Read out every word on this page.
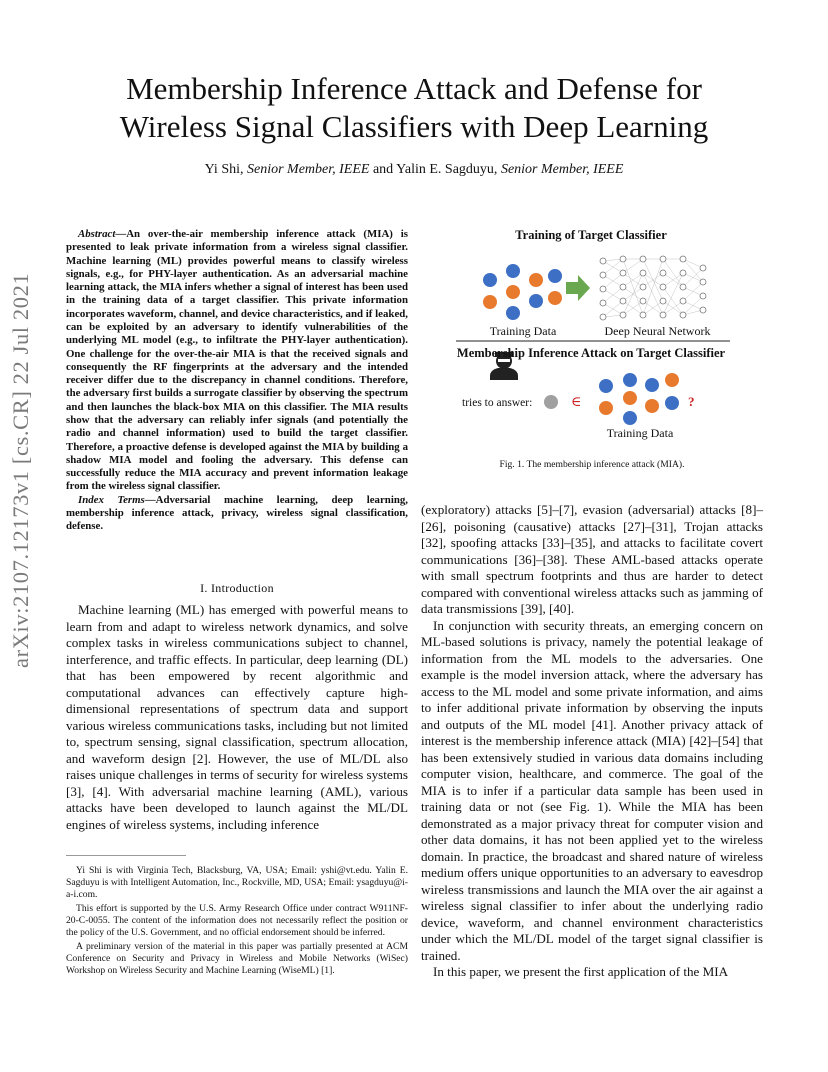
arXiv:2107.12173v1 [cs.CR] 22 Jul 2021
Membership Inference Attack and Defense for
Wireless Signal Classifiers with Deep Learning
Yi Shi, Senior Member, IEEE and Yalin E. Sagduyu, Senior Member, IEEE
Abstract—An over-the-air membership inference attack (MIA) is presented to leak private information from a wireless signal classifier. Machine learning (ML) provides powerful means to classify wireless signals, e.g., for PHY-layer authentication. As an adversarial machine learning attack, the MIA infers whether a signal of interest has been used in the training data of a target classifier. This private information incorporates waveform, channel, and device characteristics, and if leaked, can be exploited by an adversary to identify vulnerabilities of the underlying ML model (e.g., to infiltrate the PHY-layer authentication). One challenge for the over-the-air MIA is that the received signals and consequently the RF fingerprints at the adversary and the intended receiver differ due to the discrepancy in channel conditions. Therefore, the adversary first builds a surrogate classifier by observing the spectrum and then launches the black-box MIA on this classifier. The MIA results show that the adversary can reliably infer signals (and potentially the radio and channel information) used to build the target classifier. Therefore, a proactive defense is developed against the MIA by building a shadow MIA model and fooling the adversary. This defense can successfully reduce the MIA accuracy and prevent information leakage from the wireless signal classifier.
Index Terms—Adversarial machine learning, deep learning, membership inference attack, privacy, wireless signal classification, defense.
I. Introduction

Machine learning (ML) has emerged with powerful means to learn from and adapt to wireless network dynamics, and solve complex tasks in wireless communications subject to channel, interference, and traffic effects. In particular, deep learning (DL) that has been empowered by recent algorithmic and computational advances can effectively capture high-dimensional representations of spectrum data and support various wireless communications tasks, including but not limited to, spectrum sensing, signal classification, spectrum allocation, and waveform design [2]. However, the use of ML/DL also raises unique challenges in terms of security for wireless systems [3], [4]. With adversarial machine learning (AML), various attacks have been developed to launch against the ML/DL engines of wireless systems, including inference

Yi Shi is with Virginia Tech, Blacksburg, VA, USA; Email: yshi@vt.edu. Yalin E. Sagduyu is with Intelligent Automation, Inc., Rockville, MD, USA; Email: ysagduyu@i-a-i.com.

This effort is supported by the U.S. Army Research Office under contract W911NF-20-C-0055. The content of the information does not necessarily reflect the position or the policy of the U.S. Government, and no official endorsement should be inferred.

A preliminary version of the material in this paper was partially presented at ACM Conference on Security and Privacy in Wireless and Mobile Networks (WiSec) Workshop on Wireless Security and Machine Learning (WiseML) [1].

Training of Target Classifier
Training Data	Deep Neural Network
Membership Inference Attack on Target Classifier
tries to answer:	∈	?
Training Data
Fig. 1. The membership inference attack (MIA).

(exploratory) attacks [5]–[7], evasion (adversarial) attacks [8]–[26], poisoning (causative) attacks [27]–[31], Trojan attacks [32], spoofing attacks [33]–[35], and attacks to facilitate covert communications [36]–[38]. These AML-based attacks operate with small spectrum footprints and thus are harder to detect compared with conventional wireless attacks such as jamming of data transmissions [39], [40].

In conjunction with security threats, an emerging concern on ML-based solutions is privacy, namely the potential leakage of information from the ML models to the adversaries. One example is the model inversion attack, where the adversary has access to the ML model and some private information, and aims to infer additional private information by observing the inputs and outputs of the ML model [41]. Another privacy attack of interest is the membership inference attack (MIA) [42]–[54] that has been extensively studied in various data domains including computer vision, healthcare, and commerce. The goal of the MIA is to infer if a particular data sample has been used in training data or not (see Fig. 1). While the MIA has been demonstrated as a major privacy threat for computer vision and other data domains, it has not been applied yet to the wireless domain. In practice, the broadcast and shared nature of wireless medium offers unique opportunities to an adversary to eavesdrop wireless transmissions and launch the MIA over the air against a wireless signal classifier to infer about the underlying radio device, waveform, and channel environment characteristics under which the ML/DL model of the target signal classifier is trained.

In this paper, we present the first application of the MIA
